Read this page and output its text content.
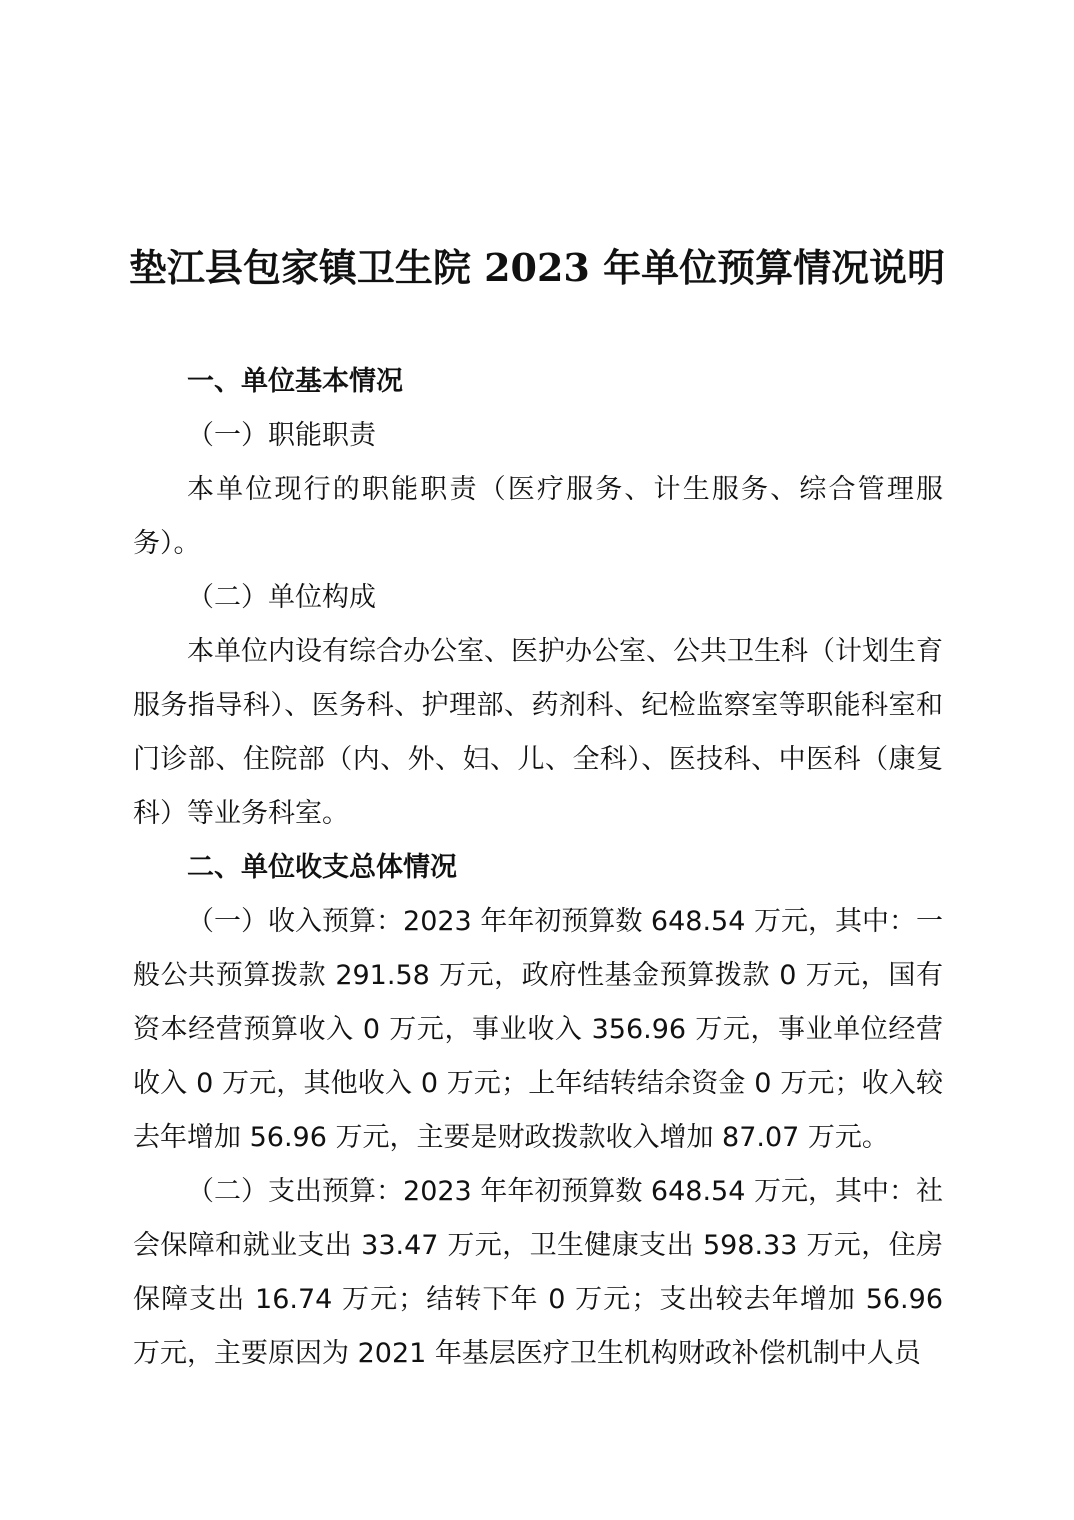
垫江县包家镇卫生院 2023 年单位预算情况说明

一、单位基本情况

（一）职能职责

本单位现行的职能职责（医疗服务、计生服务、综合管理服务）。

（二）单位构成

本单位内设有综合办公室、医护办公室、公共卫生科（计划生育服务指导科）、医务科、护理部、药剂科、纪检监察室等职能科室和门诊部、住院部（内、外、妇、儿、全科）、医技科、中医科（康复科）等业务科室。

二、单位收支总体情况

（一）收入预算：2023 年年初预算数 648.54 万元，其中：一般公共预算拨款 291.58 万元，政府性基金预算拨款 0 万元，国有资本经营预算收入 0 万元，事业收入 356.96 万元，事业单位经营收入 0 万元，其他收入 0 万元；上年结转结余资金 0 万元；收入较去年增加 56.96 万元，主要是财政拨款收入增加 87.07 万元。

（二）支出预算：2023 年年初预算数 648.54 万元，其中：社会保障和就业支出 33.47 万元，卫生健康支出 598.33 万元，住房保障支出 16.74 万元；结转下年 0 万元；支出较去年增加 56.96 万元，主要原因为 2021 年基层医疗卫生机构财政补偿机制中人员
